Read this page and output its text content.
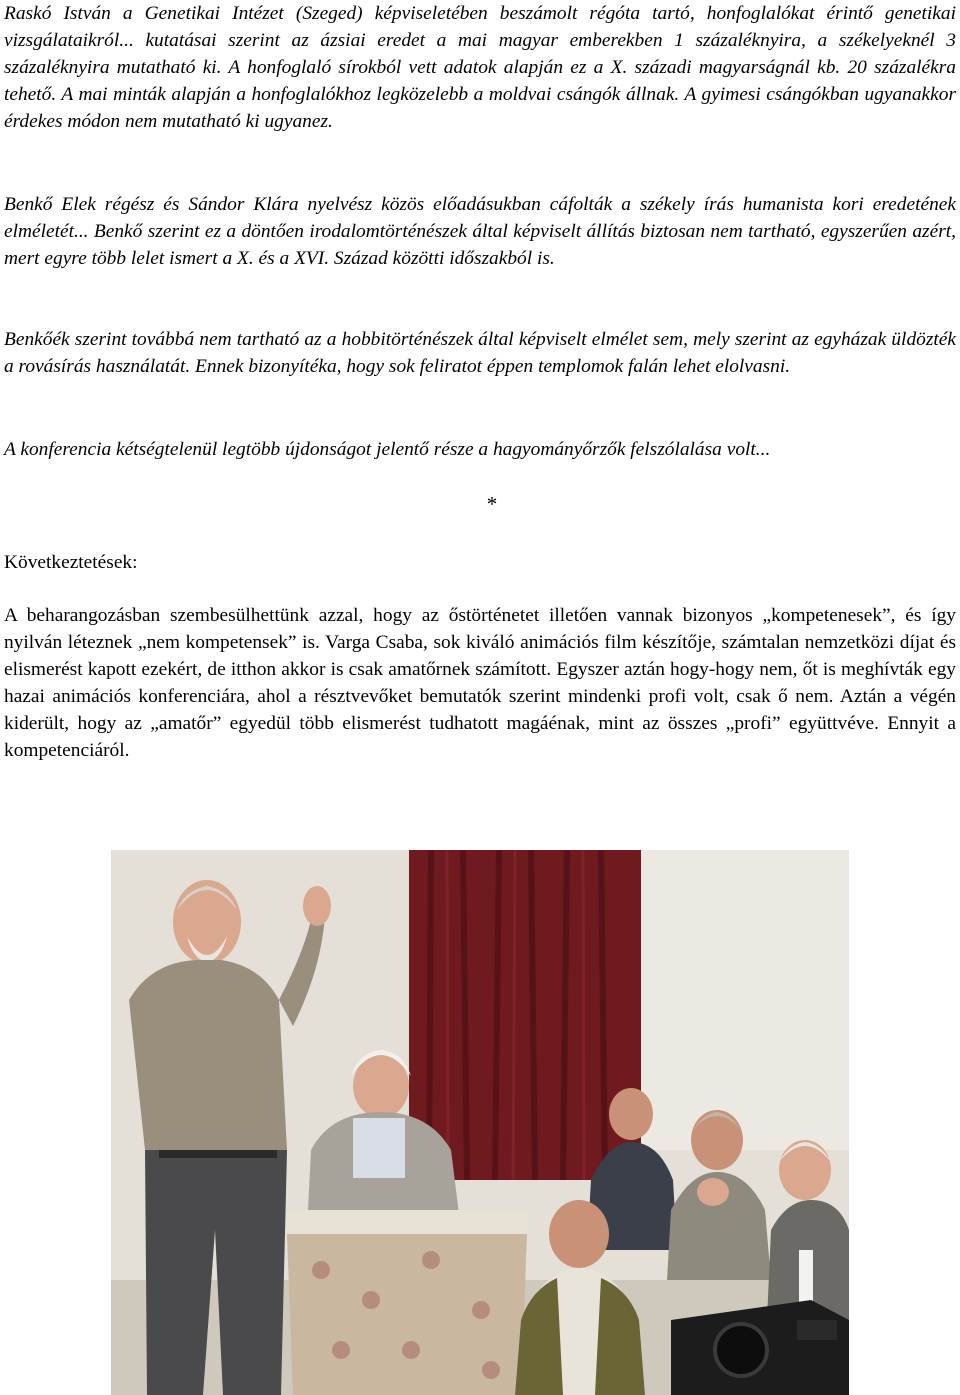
Raskó István a Genetikai Intézet (Szeged) képviseletében beszámolt régóta tartó, honfoglalókat érintő genetikai vizsgálataikról... kutatásai szerint az ázsiai eredet a mai magyar emberekben 1 százaléknyira, a székelyeknél 3 százaléknyira mutatható ki. A honfoglaló sírokból vett adatok alapján ez a X. századi magyarságnál kb. 20 százalékra tehető. A mai minták alapján a honfoglalókhoz legközelebb a moldvai csángók állnak. A gyimesi csángókban ugyanakkor érdekes módon nem mutatható ki ugyanez.

Benkő Elek régész és Sándor Klára nyelvész közös előadásukban cáfolták a székely írás humanista kori eredetének elméletét... Benkő szerint ez a döntően irodalomtörténészek által képviselt állítás biztosan nem tartható, egyszerűen azért, mert egyre több lelet ismert a X. és a XVI. Század közötti időszakból is.

Benkőék szerint továbbá nem tartható az a hobbitörténészek által képviselt elmélet sem, mely szerint az egyházak üldözték a rovásírás használatát. Ennek bizonyítéka, hogy sok feliratot éppen templomok falán lehet elolvasni.

A konferencia kétségtelenül legtöbb újdonságot jelentő része a hagyományőrzők felszólalása volt...

*
Következtetések:

A beharangozásban szembesülhettünk azzal, hogy az őstörténetet illetően vannak bizonyos „kompetenesek”, és így nyilván léteznek „nem kompetensek” is. Varga Csaba, sok kiváló animációs film készítője, számtalan nemzetközi díjat és elismerést kapott ezekért, de itthon akkor is csak amatőrnek számított. Egyszer aztán hogy-hogy nem, őt is meghívták egy hazai animációs konferenciára, ahol a résztvevőket bemutatók szerint mindenki profi volt, csak ő nem. Aztán a végén kiderült, hogy az „amatőr” egyedül több elismerést tudhatott magáénak, mint az összes „profi” együttvéve. Ennyit a kompetenciáról.
